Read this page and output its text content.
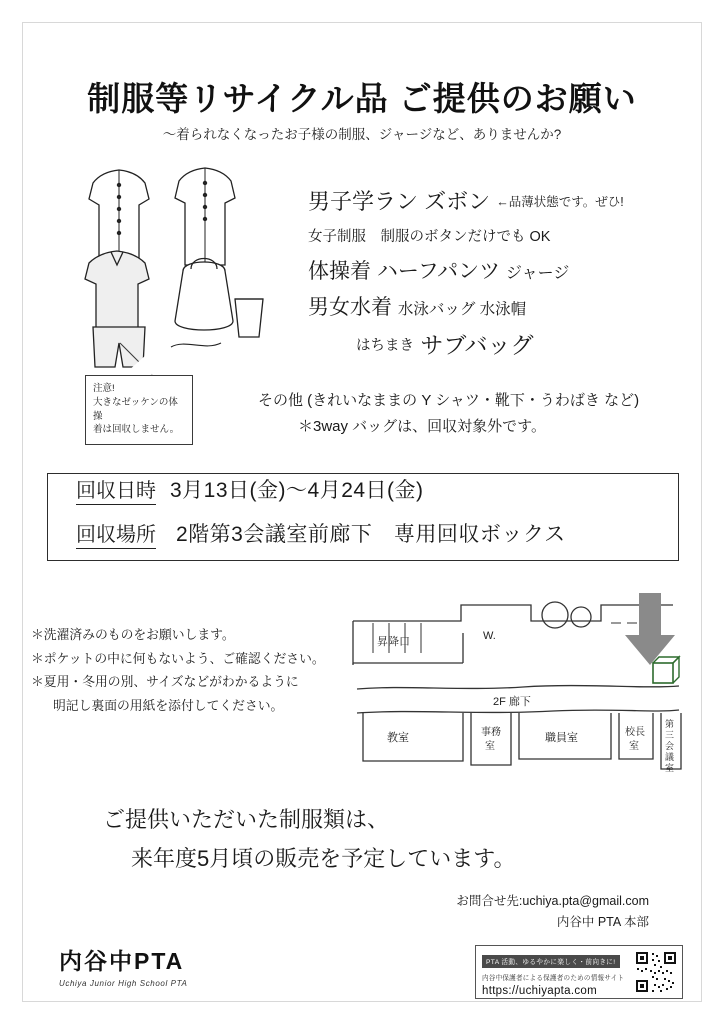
制服等リサイクル品 ご提供のお願い
〜着られなくなったお子様の制服、ジャージなど、ありませんか?
注意!
大きなゼッケンの体操
着は回収しません。
男子学ラン ズボン ←品薄状態です。ぜひ!
女子制服　制服のボタンだけでも OK
体操着 ハーフパンツ ジャージ
男女水着 水泳バッグ 水泳帽
はちまき サブバッグ
その他 (きれいなままの Y シャツ・靴下・うわばき など)
＊3way バッグは、回収対象外です。
回収日時 3月13日(金)〜4月24日(金)
回収場所 2階第3会議室前廊下　専用回収ボックス
＊洗濯済みのものをお願いします。
＊ポケットの中に何もないよう、ご確認ください。
＊夏用・冬用の別、サイズなどがわかるように
明記し裏面の用紙を添付してください。
昇降口	W.
2F 廊下
教室	事務
室
職員室	校長
室
第
三
会
議
室
ご提供いただいた制服類は、
来年度5月頃の販売を予定しています。
お問合せ先:uchiya.pta@gmail.com
内谷中 PTA 本部
内谷中PTA
Uchiya Junior High School PTA
PTA 活動、ゆるやかに楽しく・前向きに!
内谷中保護者による保護者のための情報サイト
https://uchiyapta.com
